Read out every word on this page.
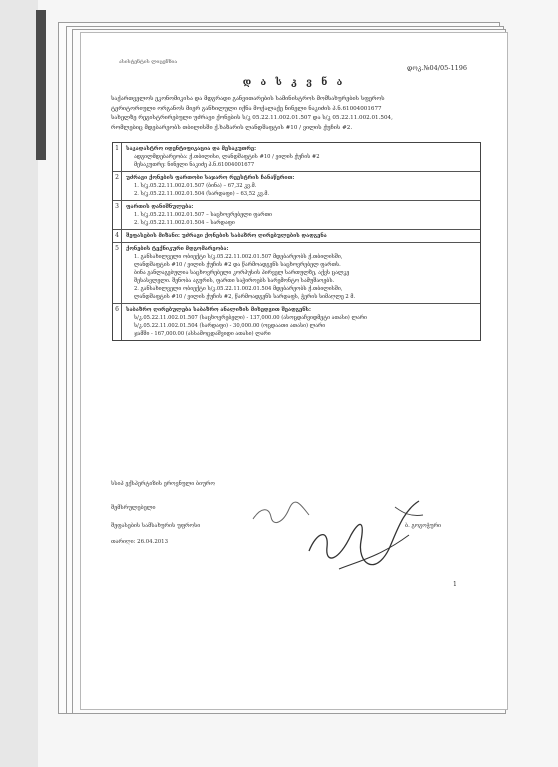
ასისტენტის ლიცენზია
დოკ.№04/05-1196
დ ა ს კ ვ ნ ა
საქართველოს ეკონომიკისა და მდგრადი განვითარების სამინისტროს მომსახურების სფეროს
ტერიტორიული ორგანოს მიერ განხილული იქნა მოქალაქე ნინელი ნაკიძის პ.ნ.61004001677
სახელზე რეგისტრირებული უძრავი ქონების ს/კ 05.22.11.002.01.507 და ს/კ 05.22.11.002.01.504,
რომლებიც მდებარეობს თბილისში ქ.ხაზარის ლანდშაფტის #10 / ვილის ქუჩის #2.
1	საკადასტრო იდენტიფიკაცია და მესაკუთრე:
ადგილმდებარეობა: ქ.თბილისი, ლანდშაფტის #10 / ვილის ქუჩის #2
მესაკუთრე: ნინელი ნაკიძე პ.ნ.61004001677
2	უძრავი ქონების ფართობი საჯარო რეესტრის ჩანაწერით:
1. ს/კ.05.22.11.002.01.507 (ბინა) – 67,32 კვ.მ.
2. ს/კ.05.22.11.002.01.504 (სარდაფი) – 63,52 კვ.მ.
3	ფართის დანიშნულება:
1. ს/კ.05.22.11.002.01.507 – საცხოვრებელი ფართი
2. ს/კ.05.22.11.002.01.504 – სარდაფი
4	შეფასების მიზანი: უძრავი ქონების საბაზრო ღირებულების დადგენა
5	ქონების ტექნიკური მდგომარეობა:
1. განსახილველი ობიექტი ს/კ.05.22.11.002.01.507 მდებარეობს ქ.თბილისში,
ლანდშაფტის #10 / ვილის ქუჩის #2 და წარმოადგენს საცხოვრებელ ფართს.
ბინა განლაგებულია საცხოვრებელი კორპუსის პირველ სართულზე, აქვს ცალკე
შესასვლელი. შენობა აგურის, ფართი საჭიროებს სარემონტო სამუშაოებს.
2. განსახილველი ობიექტი ს/კ.05.22.11.002.01.504 მდებარეობს ქ.თბილისში,
ლანდშაფტის #10 / ვილის ქუჩის #2, წარმოადგენს სარდაფს, ჭერის სიმაღლე 2 მ.
6	საბაზრო ღირებულება საბაზრო ანალიზის მიხედვით შეადგენს:
ს/კ.05.22.11.002.01.507 (საცხოვრებელი) - 137,000.00 (ასოცდაჩვიდმეტი ათასი) ლარი
ს/კ.05.22.11.002.01.504 (სარდაფი) - 30,000.00 (ოცდაათი ათასი) ლარი
ჯამში - 167,000.00 (ასსამოცდაშვიდი ათასი) ლარი
სსიპ ექსპერტიზის ეროვნული ბიურო
შემსრულებელი
შეფასების სამსახურის უფროსი
თარიღი: 26.04.2013
ბ. გოგოჭური
1
